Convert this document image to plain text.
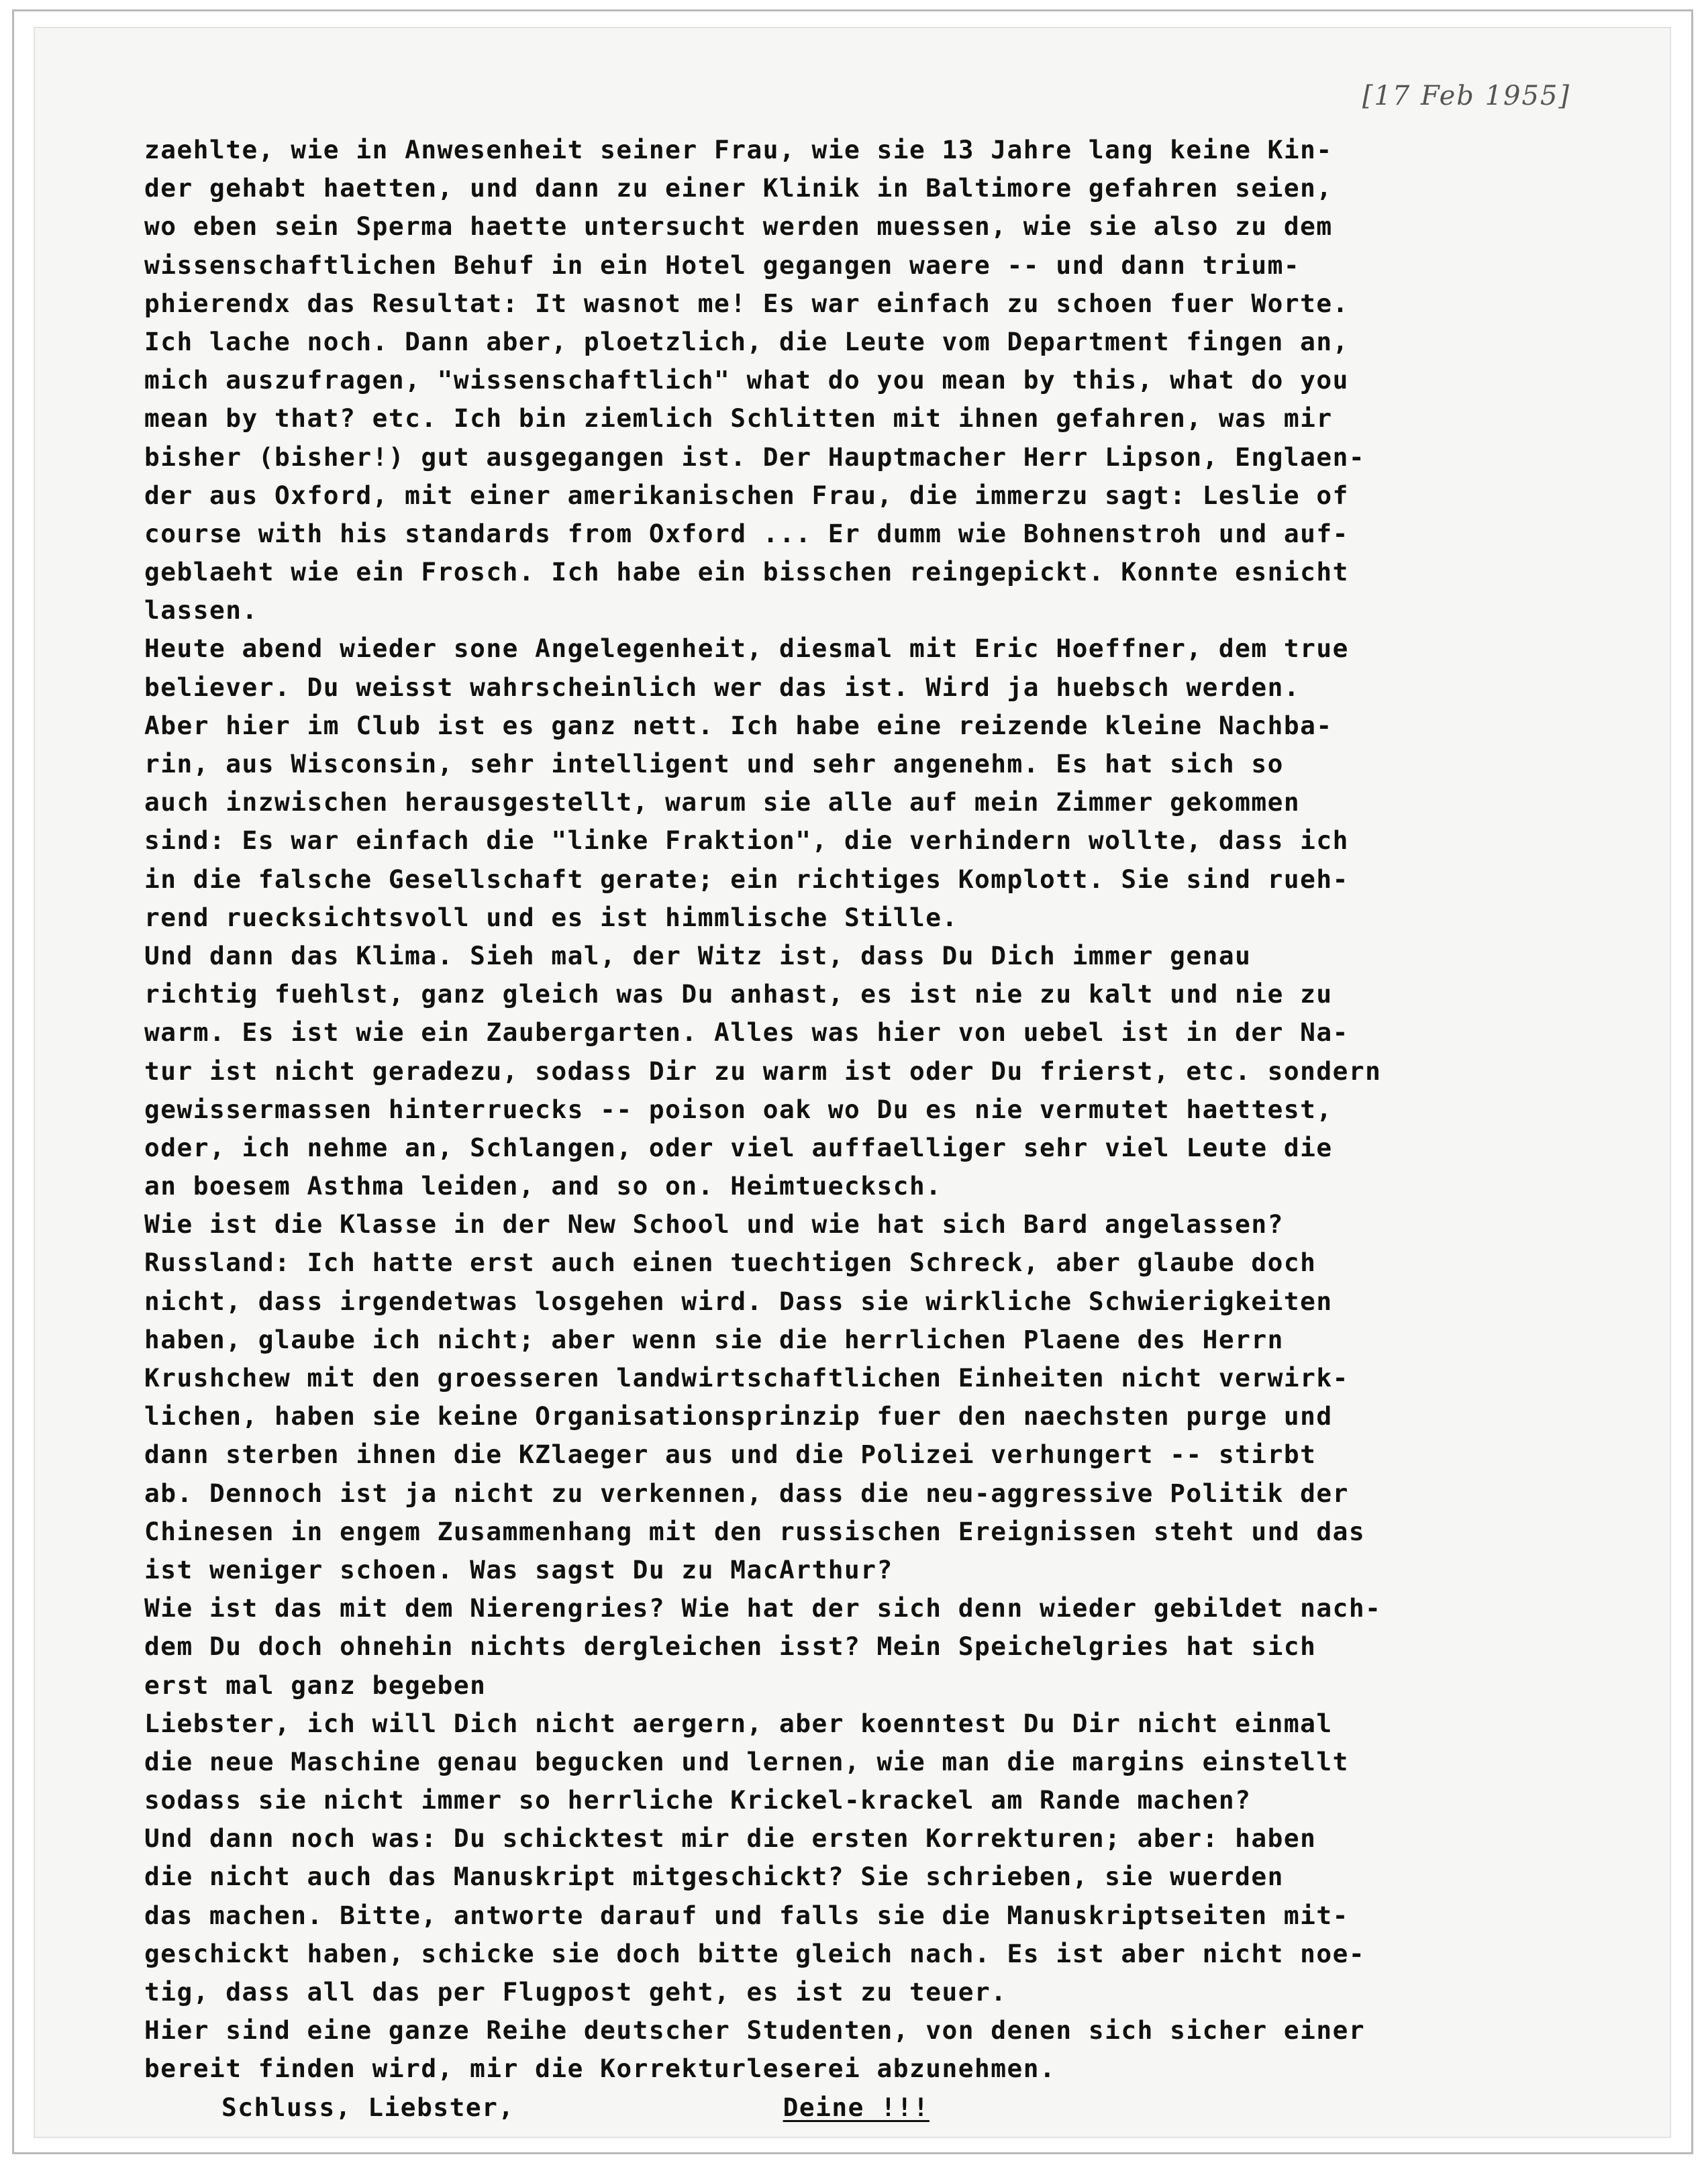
[17 Feb 1955]
zaehlte, wie in Anwesenheit seiner Frau, wie sie 13 Jahre lang keine Kin-
der gehabt haetten, und dann zu einer Klinik in Baltimore gefahren seien,
wo eben sein Sperma haette untersucht werden muessen, wie sie also zu dem
wissenschaftlichen Behuf in ein Hotel gegangen waere -- und dann trium-
phierendx das Resultat: It wasnot me! Es war einfach zu schoen fuer Worte.
Ich lache noch. Dann aber, ploetzlich, die Leute vom Department fingen an,
mich auszufragen, "wissenschaftlich" what do you mean by this, what do you
mean by that? etc. Ich bin ziemlich Schlitten mit ihnen gefahren, was mir
bisher (bisher!) gut ausgegangen ist. Der Hauptmacher Herr Lipson, Englaen-
der aus Oxford, mit einer amerikanischen Frau, die immerzu sagt: Leslie of
course with his standards from Oxford ... Er dumm wie Bohnenstroh und auf-
geblaeht wie ein Frosch. Ich habe ein bisschen reingepickt. Konnte esnicht
lassen.
Heute abend wieder sone Angelegenheit, diesmal mit Eric Hoeffner, dem true
believer. Du weisst wahrscheinlich wer das ist. Wird ja huebsch werden.
Aber hier im Club ist es ganz nett. Ich habe eine reizende kleine Nachba-
rin, aus Wisconsin, sehr intelligent und sehr angenehm. Es hat sich so
auch inzwischen herausgestellt, warum sie alle auf mein Zimmer gekommen
sind: Es war einfach die "linke Fraktion", die verhindern wollte, dass ich
in die falsche Gesellschaft gerate; ein richtiges Komplott. Sie sind rueh-
rend ruecksichtsvoll und es ist himmlische Stille.
Und dann das Klima. Sieh mal, der Witz ist, dass Du Dich immer genau
richtig fuehlst, ganz gleich was Du anhast, es ist nie zu kalt und nie zu
warm. Es ist wie ein Zaubergarten. Alles was hier von uebel ist in der Na-
tur ist nicht geradezu, sodass Dir zu warm ist oder Du frierst, etc. sondern
gewissermassen hinterruecks -- poison oak wo Du es nie vermutet haettest,
oder, ich nehme an, Schlangen, oder viel auffaelliger sehr viel Leute die
an boesem Asthma leiden, and so on. Heimtuecksch.
Wie ist die Klasse in der New School und wie hat sich Bard angelassen?
Russland: Ich hatte erst auch einen tuechtigen Schreck, aber glaube doch
nicht, dass irgendetwas losgehen wird. Dass sie wirkliche Schwierigkeiten
haben, glaube ich nicht; aber wenn sie die herrlichen Plaene des Herrn
Krushchew mit den groesseren landwirtschaftlichen Einheiten nicht verwirk-
lichen, haben sie keine Organisationsprinzip fuer den naechsten purge und
dann sterben ihnen die KZlaeger aus und die Polizei verhungert -- stirbt
ab. Dennoch ist ja nicht zu verkennen, dass die neu-aggressive Politik der
Chinesen in engem Zusammenhang mit den russischen Ereignissen steht und das
ist weniger schoen. Was sagst Du zu MacArthur?
Wie ist das mit dem Nierengries? Wie hat der sich denn wieder gebildet nach-
dem Du doch ohnehin nichts dergleichen isst? Mein Speichelgries hat sich
erst mal ganz begeben
Liebster, ich will Dich nicht aergern, aber koenntest Du Dir nicht einmal
die neue Maschine genau begucken und lernen, wie man die margins einstellt
sodass sie nicht immer so herrliche Krickel-krackel am Rande machen?
Und dann noch was: Du schicktest mir die ersten Korrekturen; aber: haben
die nicht auch das Manuskript mitgeschickt? Sie schrieben, sie wuerden
das machen. Bitte, antworte darauf und falls sie die Manuskriptseiten mit-
geschickt haben, schicke sie doch bitte gleich nach. Es ist aber nicht noe-
tig, dass all das per Flugpost geht, es ist zu teuer.
Hier sind eine ganze Reihe deutscher Studenten, von denen sich sicher einer
bereit finden wird, mir die Korrekturleserei abzunehmen.
Schluss, Liebster,	Deine !!!
